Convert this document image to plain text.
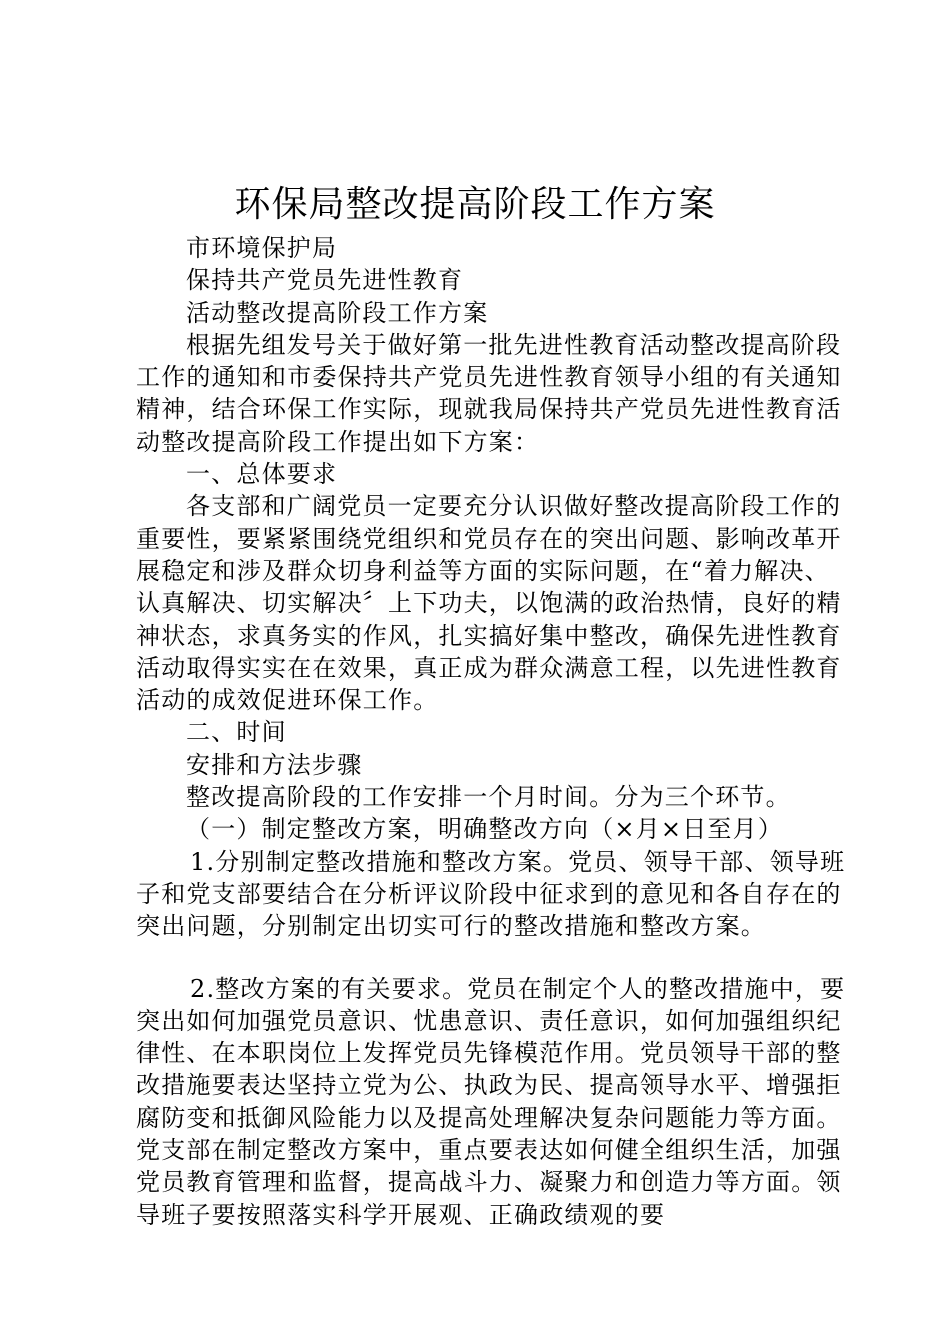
环保局整改提高阶段工作方案

市环境保护局

保持共产党员先进性教育

活动整改提高阶段工作方案

根据先组发号关于做好第一批先进性教育活动整改提高阶段工作的通知和市委保持共产党员先进性教育领导小组的有关通知精神，结合环保工作实际，现就我局保持共产党员先进性教育活动整改提高阶段工作提出如下方案：

一、总体要求

各支部和广阔党员一定要充分认识做好整改提高阶段工作的重要性，要紧紧围绕党组织和党员存在的突出问题、影响改革开展稳定和涉及群众切身利益等方面的实际问题，在“着力解决、认真解决、切实解决〞上下功夫，以饱满的政治热情，良好的精神状态，求真务实的作风，扎实搞好集中整改，确保先进性教育活动取得实实在在效果，真正成为群众满意工程，以先进性教育活动的成效促进环保工作。

二、时间

安排和方法步骤

整改提高阶段的工作安排一个月时间。分为三个环节。

（一）制定整改方案，明确整改方向（×月×日至月）

1.分别制定整改措施和整改方案。党员、领导干部、领导班子和党支部要结合在分析评议阶段中征求到的意见和各自存在的突出问题，分别制定出切实可行的整改措施和整改方案。

2.整改方案的有关要求。党员在制定个人的整改措施中，要突出如何加强党员意识、忧患意识、责任意识，如何加强组织纪律性、在本职岗位上发挥党员先锋模范作用。党员领导干部的整改措施要表达坚持立党为公、执政为民、提高领导水平、增强拒腐防变和抵御风险能力以及提高处理解决复杂问题能力等方面。党支部在制定整改方案中，重点要表达如何健全组织生活，加强党员教育管理和监督，提高战斗力、凝聚力和创造力等方面。领导班子要按照落实科学开展观、正确政绩观的要
